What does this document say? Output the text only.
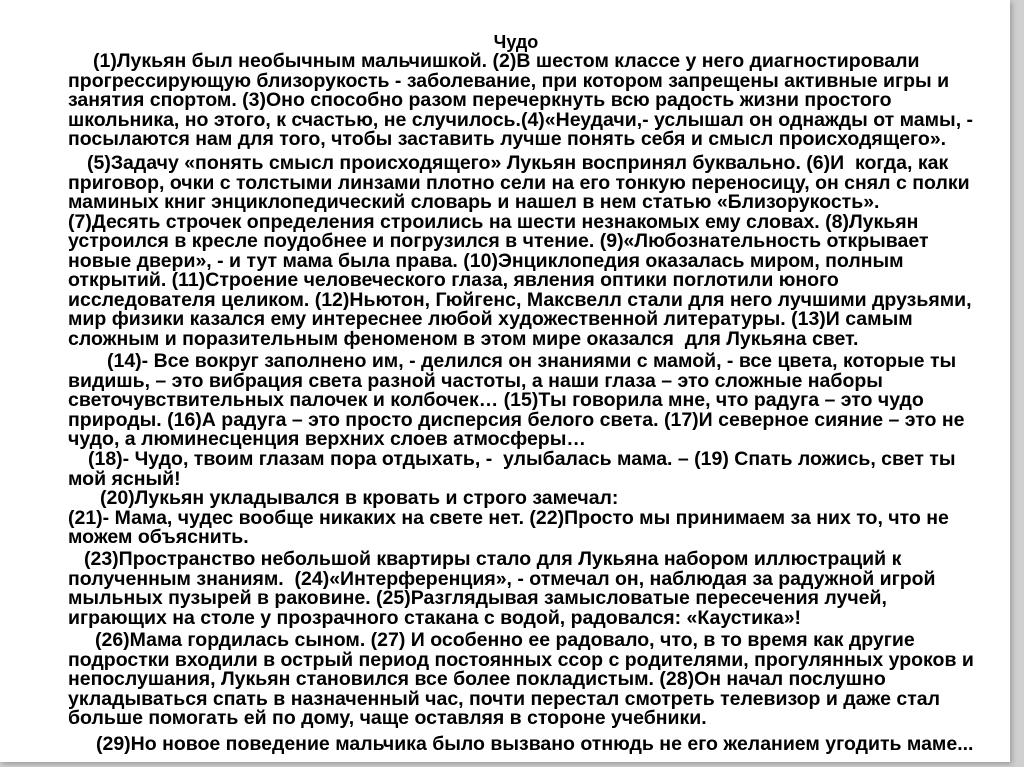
Чудо
(1)Лукьян был необычным мальчишкой. (2)В шестом классе у него диагностировали
прогрессирующую близорукость - заболевание, при котором запрещены активные игры и
занятия спортом. (3)Оно способно разом перечеркнуть всю радость жизни простого
школьника, но этого, к счастью, не случилось.(4)«Неудачи,- услышал он однажды от мамы, -
посылаются нам для того, чтобы заставить лучше понять себя и смысл происходящего».
(5)Задачу «понять смысл происходящего» Лукьян воспринял буквально. (6)И  когда, как
приговор, очки с толстыми линзами плотно сели на его тонкую переносицу, он снял с полки
маминых книг энциклопедический словарь и нашел в нем статью «Близорукость».
(7)Десять строчек определения строились на шести незнакомых ему словах. (8)Лукьян
устроился в кресле поудобнее и погрузился в чтение. (9)«Любознательность открывает
новые двери», - и тут мама была права. (10)Энциклопедия оказалась миром, полным
открытий. (11)Строение человеческого глаза, явления оптики поглотили юного
исследователя целиком. (12)Ньютон, Гюйгенс, Максвелл стали для него лучшими друзьями,
мир физики казался ему интереснее любой художественной литературы. (13)И самым
сложным и поразительным феноменом в этом мире оказался  для Лукьяна свет.
(14)- Все вокруг заполнено им, - делился он знаниями с мамой, - все цвета, которые ты
видишь, – это вибрация света разной частоты, а наши глаза – это сложные наборы
светочувствительных палочек и колбочек… (15)Ты говорила мне, что радуга – это чудо
природы. (16)А радуга – это просто дисперсия белого света. (17)И северное сияние – это не
чудо, а люминесценция верхних слоев атмосферы…
(18)- Чудо, твоим глазам пора отдыхать, -  улыбалась мама. – (19) Спать ложись, свет ты
мой ясный!
(20)Лукьян укладывался в кровать и строго замечал:
(21)- Мама, чудес вообще никаких на свете нет. (22)Просто мы принимаем за них то, что не
можем объяснить.
(23)Пространство небольшой квартиры стало для Лукьяна набором иллюстраций к
полученным знаниям.  (24)«Интерференция», - отмечал он, наблюдая за радужной игрой
мыльных пузырей в раковине. (25)Разглядывая замысловатые пересечения лучей,
играющих на столе у прозрачного стакана с водой, радовался: «Каустика»!
(26)Мама гордилась сыном. (27) И особенно ее радовало, что, в то время как другие
подростки входили в острый период постоянных ссор с родителями, прогулянных уроков и
непослушания, Лукьян становился все более покладистым. (28)Он начал послушно
укладываться спать в назначенный час, почти перестал смотреть телевизор и даже стал
больше помогать ей по дому, чаще оставляя в стороне учебники.
(29)Но новое поведение мальчика было вызвано отнюдь не его желанием угодить маме...
